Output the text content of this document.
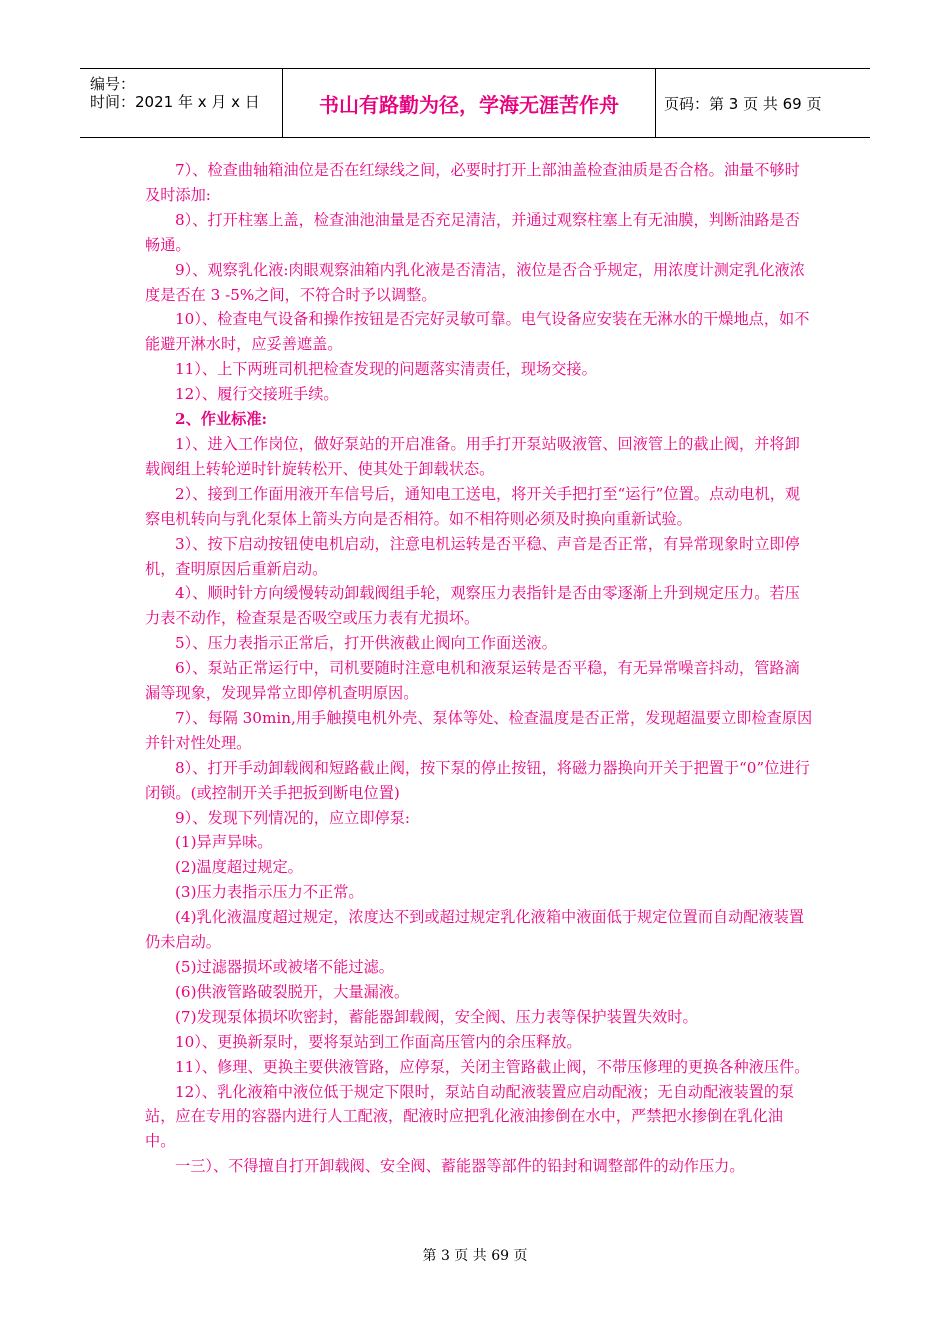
编号：
时间：2021 年 x 月 x 日	书山有路勤为径，学海无涯苦作舟	页码：第 3 页 共 69 页

7）、检查曲轴箱油位是否在红绿线之间，必要时打开上部油盖检查油质是否合格。油量不够时及时添加:

8）、打开柱塞上盖，检查油池油量是否充足清洁，并通过观察柱塞上有无油膜，判断油路是否畅通。

9）、观察乳化液:肉眼观察油箱内乳化液是否清洁，液位是否合乎规定，用浓度计测定乳化液浓度是否在 3 -5%之间，不符合时予以调整。

10）、检查电气设备和操作按钮是否完好灵敏可靠。电气设备应安装在无淋水的干燥地点，如不能避开淋水时，应妥善遮盖。

11）、上下两班司机把检查发现的问题落实清责任，现场交接。

12）、履行交接班手续。

2、作业标准:

1）、进入工作岗位，做好泵站的开启准备。用手打开泵站吸液管、回液管上的截止阀，并将卸载阀组上转轮逆时针旋转松开、使其处于卸载状态。

2）、接到工作面用液开车信号后，通知电工送电，将开关手把打至“运行”位置。点动电机，观察电机转向与乳化泵体上箭头方向是否相符。如不相符则必须及时换向重新试验。

3）、按下启动按钮使电机启动，注意电机运转是否平稳、声音是否正常，有异常现象时立即停机，查明原因后重新启动。

4）、顺时针方向缓慢转动卸载阀组手轮，观察压力表指针是否由零逐渐上升到规定压力。若压力表不动作，检查泵是否吸空或压力表有尤损坏。

5）、压力表指示正常后，打开供液截止阀向工作面送液。

6）、泵站正常运行中，司机要随时注意电机和液泵运转是否平稳，有无异常噪音抖动，管路滴漏等现象，发现异常立即停机查明原因。

7）、每隔 30min,用手触摸电机外壳、泵体等处、检查温度是否正常，发现超温要立即检查原因并针对性处理。

8）、打开手动卸载阀和短路截止阀，按下泵的停止按钮，将磁力器换向开关于把置于“0”位进行闭锁。(或控制开关手把扳到断电位置)

9）、发现下列情况的，应立即停泵:

(1)异声异味。

(2)温度超过规定。

(3)压力表指示压力不正常。

(4)乳化液温度超过规定，浓度达不到或超过规定乳化液箱中液面低于规定位置而自动配液装置仍未启动。

(5)过滤器损坏或被堵不能过滤。

(6)供液管路破裂脱开，大量漏液。

(7)发现泵体损坏吹密封，蓄能器卸载阀，安全阀、压力表等保护装置失效时。

10）、更换新泵时，要将泵站到工作面高压管内的余压释放。

11）、修理、更换主要供液管路，应停泵，关闭主管路截止阀，不带压修理的更换各种液压件。

12）、乳化液箱中液位低于规定下限时，泵站自动配液装置应启动配液；无自动配液装置的泵站，应在专用的容器内进行人工配液，配液时应把乳化液油掺倒在水中，严禁把水掺倒在乳化油中。

一三）、不得擅自打开卸载阀、安全阀、蓄能器等部件的铅封和调整部件的动作压力。

第 3 页 共 69 页
